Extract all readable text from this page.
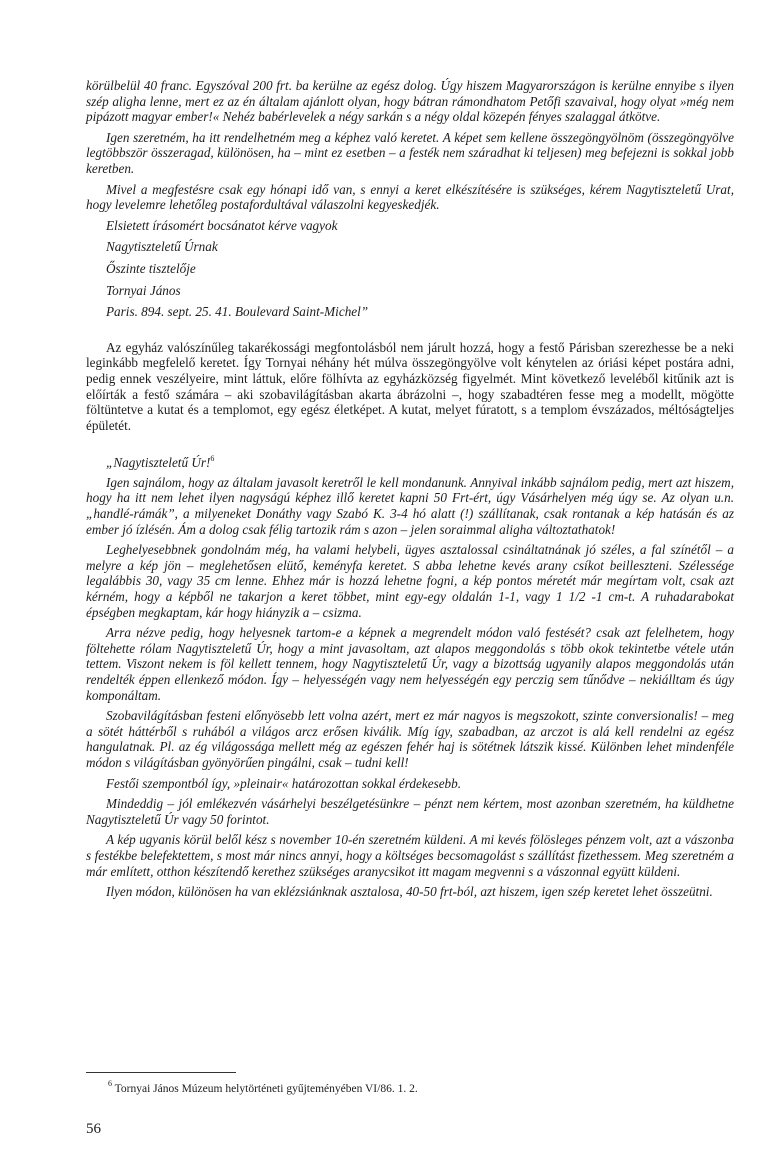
körülbelül 40 franc. Egyszóval 200 frt. ba kerülne az egész dolog. Úgy hiszem Magyarországon is kerülne ennyibe s ilyen szép aligha lenne, mert ez az én általam ajánlott olyan, hogy bátran rámondhatom Petőfi szavaival, hogy olyat »még nem pipázott magyar ember!« Nehéz babérlevelek a négy sarkán s a négy oldal közepén fényes szalaggal átkötve.

Igen szeretném, ha itt rendelhetném meg a képhez való keretet. A képet sem kellene összegöngyölnöm (összegöngyölve legtöbbször összeragad, különösen, ha – mint ez esetben – a festék nem száradhat ki teljesen) meg befejezni is sokkal jobb keretben.

Mivel a megfestésre csak egy hónapi idő van, s ennyi a keret elkészítésére is szükséges, kérem Nagytiszteletű Urat, hogy levelemre lehetőleg postafordultával válaszolni kegyeskedjék.

Elsietett írásomért bocsánatot kérve vagyok

Nagytiszteletű Úrnak

Őszinte tisztelője

Tornyai János

Paris. 894. sept. 25. 41. Boulevard Saint-Michel”

Az egyház valószínűleg takarékossági megfontolásból nem járult hozzá, hogy a festő Párisban szerezhesse be a neki leginkább megfelelő keretet. Így Tornyai néhány hét múlva összegöngyölve volt kénytelen az óriási képet postára adni, pedig ennek veszélyeire, mint láttuk, előre fölhívta az egyházközség figyelmét. Mint következő leveléből kitűnik azt is előírták a festő számára – aki szobavilágításban akarta ábrázolni –, hogy szabadtéren fesse meg a modellt, mögötte föltüntetve a kutat és a templomot, egy egész életképet. A kutat, melyet fúratott, s a templom évszázados, méltóságteljes épületét.

„Nagytiszteletű Úr!$^6$

Igen sajnálom, hogy az általam javasolt keretről le kell mondanunk. Annyival inkább sajnálom pedig, mert azt hiszem, hogy ha itt nem lehet ilyen nagyságú képhez illő keretet kapni 50 Frt-ért, úgy Vásárhelyen még úgy se. Az olyan u.n. „handlé-rámák”, a milyeneket Donáthy vagy Szabó K. 3-4 hó alatt (!) szállítanak, csak rontanak a kép hatásán és az ember jó ízlésén. Ám a dolog csak félig tartozik rám s azon – jelen soraimmal aligha változtathatok!

Leghelyesebbnek gondolnám még, ha valami helybeli, ügyes asztalossal csináltatnának jó széles, a fal színétől – a melyre a kép jön – meglehetősen elütő, keményfa keretet. S abba lehetne kevés arany csíkot beilleszteni. Szélessége legalábbis 30, vagy 35 cm lenne. Ehhez már is hozzá lehetne fogni, a kép pontos méretét már megírtam volt, csak azt kérném, hogy a képből ne takarjon a keret többet, mint egy-egy oldalán 1-1, vagy 1 1/2 -1 cm-t. A ruhadarabokat épségben megkaptam, kár hogy hiányzik a – csizma.

Arra nézve pedig, hogy helyesnek tartom-e a képnek a megrendelt módon való festését? csak azt felelhetem, hogy föltehette rólam Nagytiszteletű Úr, hogy a mint javasoltam, azt alapos meggondolás s több okok tekintetbe vétele után tettem. Viszont nekem is föl kellett tennem, hogy Nagytiszteletű Úr, vagy a bizottság ugyanily alapos meggondolás után rendelték éppen ellenkező módon. Így – helyességén vagy nem helyességén egy perczig sem tűnődve – nekiálltam és úgy komponáltam.

Szobavilágításban festeni előnyösebb lett volna azért, mert ez már nagyos is megszokott, szinte conversionalis! – meg a sötét háttérből s ruhából a világos arcz erősen kiválik. Míg így, szabadban, az arczot is alá kell rendelni az egész hangulatnak. Pl. az ég világossága mellett még az egészen fehér haj is sötétnek látszik kissé. Különben lehet mindenféle módon s világításban gyönyörűen pingálni, csak – tudni kell!

Festői szempontból így, »pleinair« határozottan sokkal érdekesebb.

Mindeddig – jól emlékezvén vásárhelyi beszélgetésünkre – pénzt nem kértem, most azonban szeretném, ha küldhetne Nagytiszteletű Úr vagy 50 forintot.

A kép ugyanis körül belől kész s november 10-én szeretném küldeni. A mi kevés fölösleges pénzem volt, azt a vászonba s festékbe belefektettem, s most már nincs annyi, hogy a költséges becsomagolást s szállítást fizethessem. Meg szeretném a már említett, otthon készítendő kerethez szükséges aranycsikot itt magam megvenni s a vászonnal együtt küldeni.

Ilyen módon, különösen ha van eklézsiánknak asztalosa, 40-50 frt-ból, azt hiszem, igen szép keretet lehet összeütni.

$^6$ Tornyai János Múzeum helytörténeti gyűjteményében VI/86. 1. 2.
56
